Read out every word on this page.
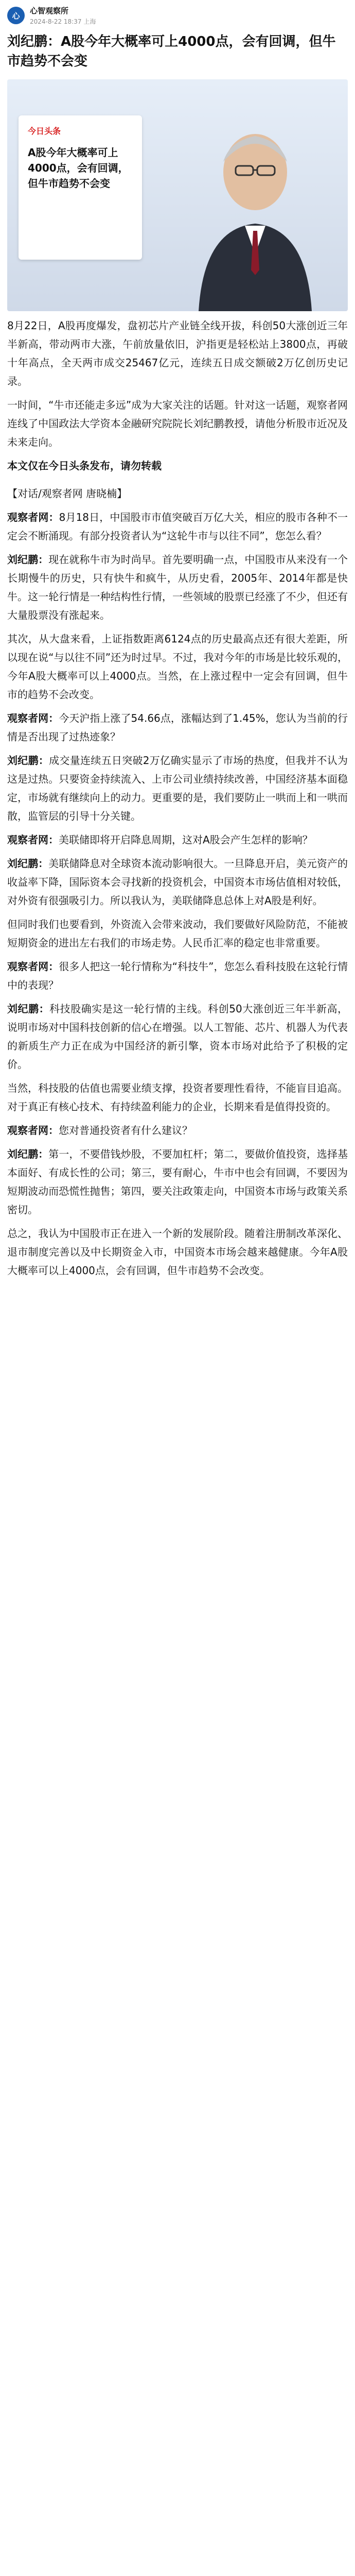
心
心智观察所
2024-8-22 18:37 上海
刘纪鹏：A股今年大概率可上4000点，会有回调，但牛市趋势不会变
今日头条
A股今年大概率可上4000点，会有回调，但牛市趋势不会变

8月22日，A股再度爆发，盘初芯片产业链全线开拔，科创50大涨创近三年半新高，带动两市大涨，午前放量依旧，沪指更是轻松站上3800点，再破十年高点，全天两市成交25467亿元，连续五日成交额破2万亿创历史记录。

一时间，“牛市还能走多远”成为大家关注的话题。针对这一话题，观察者网连线了中国政法大学资本金融研究院院长刘纪鹏教授，请他分析股市近况及未来走向。

本文仅在今日头条发布，请勿转载

【对话/观察者网 唐晓楠】

观察者网：8月18日，中国股市市值突破百万亿大关，相应的股市各种不一定会不断涌现。有部分投资者认为“这轮牛市与以往不同”，您怎么看？

刘纪鹏：现在就称牛市为时尚早。首先要明确一点，中国股市从来没有一个长期慢牛的历史，只有快牛和疯牛，从历史看，2005年、2014年都是快牛。这一轮行情是一种结构性行情，一些领域的股票已经涨了不少，但还有大量股票没有涨起来。

其次，从大盘来看，上证指数距离6124点的历史最高点还有很大差距，所以现在说“与以往不同”还为时过早。不过，我对今年的市场是比较乐观的，今年A股大概率可以上4000点。当然，在上涨过程中一定会有回调，但牛市的趋势不会改变。

观察者网：今天沪指上涨了54.66点，涨幅达到了1.45%，您认为当前的行情是否出现了过热迹象？

刘纪鹏：成交量连续五日突破2万亿确实显示了市场的热度，但我并不认为这是过热。只要资金持续流入、上市公司业绩持续改善，中国经济基本面稳定，市场就有继续向上的动力。更重要的是，我们要防止一哄而上和一哄而散，监管层的引导十分关键。

观察者网：美联储即将开启降息周期，这对A股会产生怎样的影响？

刘纪鹏：美联储降息对全球资本流动影响很大。一旦降息开启，美元资产的收益率下降，国际资本会寻找新的投资机会，中国资本市场估值相对较低，对外资有很强吸引力。所以我认为，美联储降息总体上对A股是利好。

但同时我们也要看到，外资流入会带来波动，我们要做好风险防范，不能被短期资金的进出左右我们的市场走势。人民币汇率的稳定也非常重要。

观察者网：很多人把这一轮行情称为“科技牛”，您怎么看科技股在这轮行情中的表现？

刘纪鹏：科技股确实是这一轮行情的主线。科创50大涨创近三年半新高，说明市场对中国科技创新的信心在增强。以人工智能、芯片、机器人为代表的新质生产力正在成为中国经济的新引擎，资本市场对此给予了积极的定价。

当然，科技股的估值也需要业绩支撑，投资者要理性看待，不能盲目追高。对于真正有核心技术、有持续盈利能力的企业，长期来看是值得投资的。

观察者网：您对普通投资者有什么建议？

刘纪鹏：第一，不要借钱炒股，不要加杠杆；第二，要做价值投资，选择基本面好、有成长性的公司；第三，要有耐心，牛市中也会有回调，不要因为短期波动而恐慌性抛售；第四，要关注政策走向，中国资本市场与政策关系密切。

总之，我认为中国股市正在进入一个新的发展阶段。随着注册制改革深化、退市制度完善以及中长期资金入市，中国资本市场会越来越健康。今年A股大概率可以上4000点，会有回调，但牛市趋势不会改变。
